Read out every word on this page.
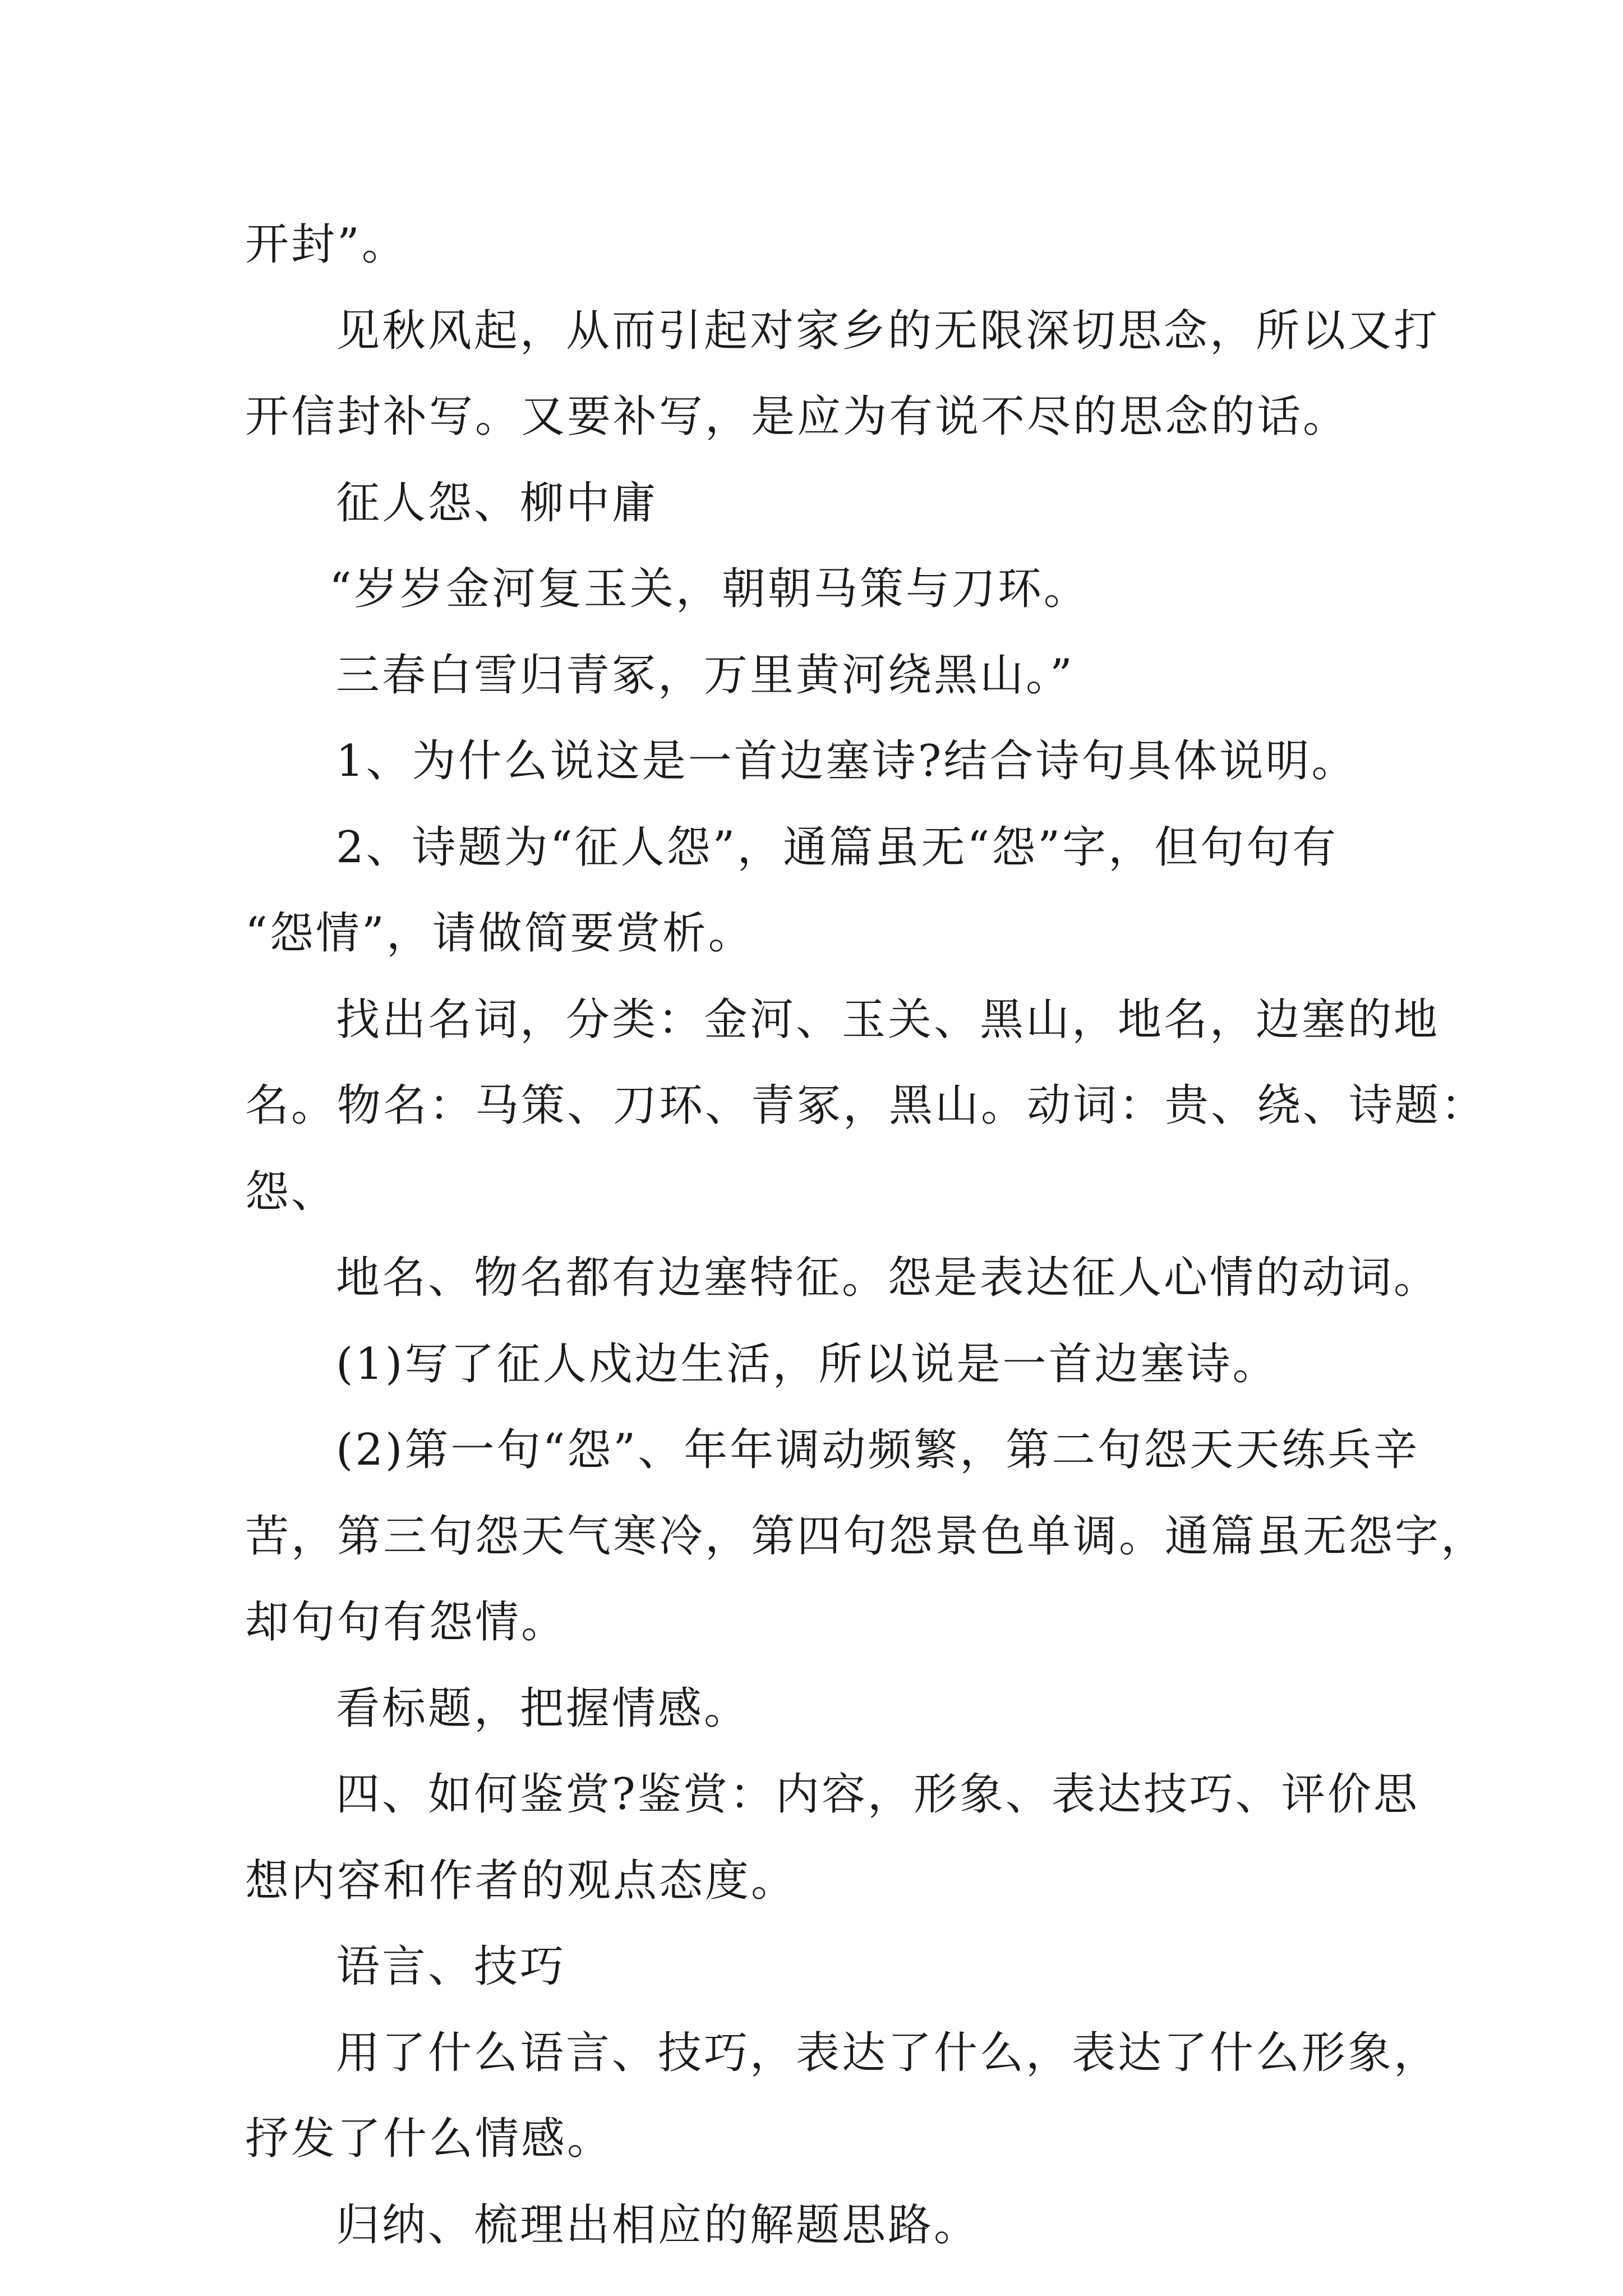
开封”。
见秋风起，从而引起对家乡的无限深切思念，所以又打
开信封补写。又要补写，是应为有说不尽的思念的话。
征人怨、柳中庸
“岁岁金河复玉关，朝朝马策与刀环。
三春白雪归青冢，万里黄河绕黑山。”
1、为什么说这是一首边塞诗?结合诗句具体说明。
2、诗题为“征人怨”，通篇虽无“怨”字，但句句有
“怨情”，请做简要赏析。
找出名词，分类：金河、玉关、黑山，地名，边塞的地
名。物名：马策、刀环、青冢，黑山。动词：贵、绕、诗题：
怨、
地名、物名都有边塞特征。怨是表达征人心情的动词。
(1)写了征人戍边生活，所以说是一首边塞诗。
(2)第一句“怨”、年年调动频繁，第二句怨天天练兵辛
苦，第三句怨天气寒冷，第四句怨景色单调。通篇虽无怨字，
却句句有怨情。
看标题，把握情感。
四、如何鉴赏?鉴赏：内容，形象、表达技巧、评价思
想内容和作者的观点态度。
语言、技巧
用了什么语言、技巧，表达了什么，表达了什么形象，
抒发了什么情感。
归纳、梳理出相应的解题思路。
